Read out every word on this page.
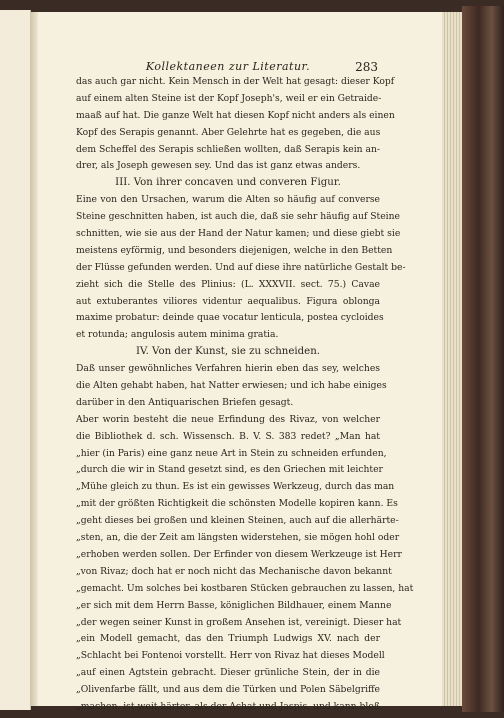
Kollektaneen zur Literatur.	283
das auch gar nicht. Kein Mensch in der Welt hat gesagt: dieser Kopf
auf einem alten Steine ist der Kopf Joseph's, weil er ein Getraide-
maaß auf hat. Die ganze Welt hat diesen Kopf nicht anders als einen
Kopf des Serapis genannt. Aber Gelehrte hat es gegeben, die aus
dem Scheffel des Serapis schließen wollten, daß Serapis kein an-
drer, als Joseph gewesen sey. Und das ist ganz etwas anders.
III. Von ihrer concaven und converen Figur.
Eine von den Ursachen, warum die Alten so häufig auf converse
Steine geschnitten haben, ist auch die, daß sie sehr häufig auf Steine
schnitten, wie sie aus der Hand der Natur kamen; und diese giebt sie
meistens eyförmig, und besonders diejenigen, welche in den Betten
der Flüsse gefunden werden. Und auf diese ihre natürliche Gestalt be-
zieht sich die Stelle des Plinius: (L. XXXVII. sect. 75.) Cavae
aut extuberantes viliores videntur aequalibus. Figura oblonga
maxime probatur: deinde quae vocatur lenticula, postea cycloides
et rotunda; angulosis autem minima gratia.
IV. Von der Kunst, sie zu schneiden.
Daß unser gewöhnliches Verfahren hierin eben das sey, welches
die Alten gehabt haben, hat Natter erwiesen; und ich habe einiges
darüber in den Antiquarischen Briefen gesagt.
Aber worin besteht die neue Erfindung des Rivaz, von welcher
die Bibliothek d. sch. Wissensch. B. V. S. 383 redet? „Man hat
„hier (in Paris) eine ganz neue Art in Stein zu schneiden erfunden,
„durch die wir in Stand gesetzt sind, es den Griechen mit leichter
„Mühe gleich zu thun. Es ist ein gewisses Werkzeug, durch das man
„mit der größten Richtigkeit die schönsten Modelle kopiren kann. Es
„geht dieses bei großen und kleinen Steinen, auch auf die allerhärte-
„sten, an, die der Zeit am längsten widerstehen, sie mögen hohl oder
„erhoben werden sollen. Der Erfinder von diesem Werkzeuge ist Herr
„von Rivaz; doch hat er noch nicht das Mechanische davon bekannt
„gemacht. Um solches bei kostbaren Stücken gebrauchen zu lassen, hat
„er sich mit dem Herrn Basse, königlichen Bildhauer, einem Manne
„der wegen seiner Kunst in großem Ansehen ist, vereinigt. Dieser hat
„ein Modell gemacht, das den Triumph Ludwigs XV. nach der
„Schlacht bei Fontenoi vorstellt. Herr von Rivaz hat dieses Modell
„auf einen Agtstein gebracht. Dieser grünliche Stein, der in die
„Olivenfarbe fällt, und aus dem die Türken und Polen Säbelgriffe
„machen, ist weit härter, als der Achat und Jaspis, und kann bloß
